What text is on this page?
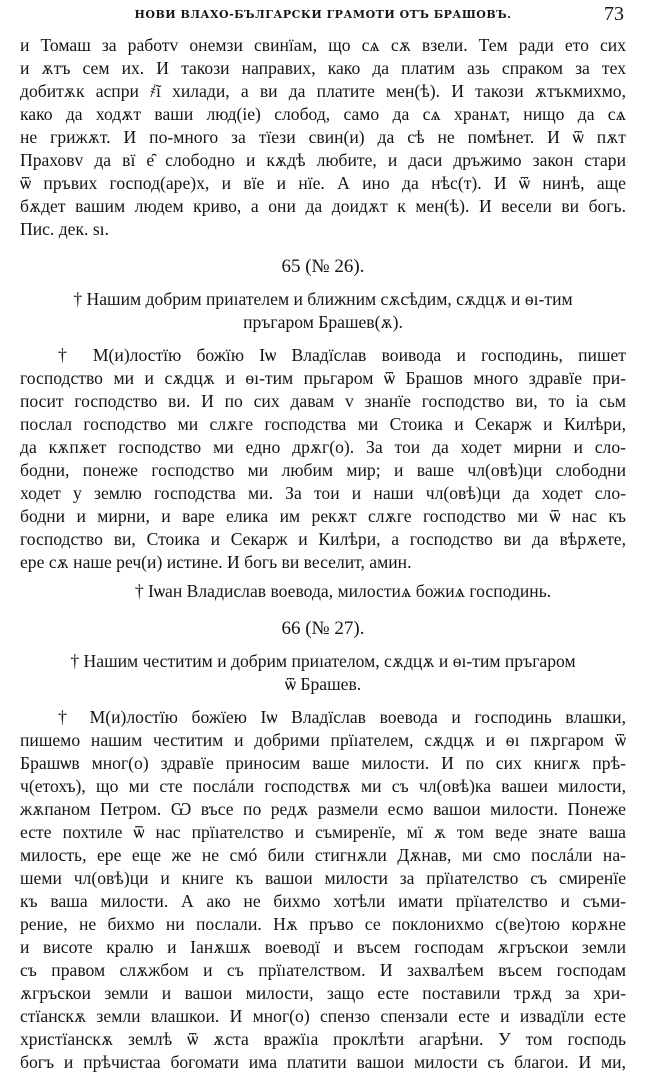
НОВИ ВЛАХО-БЪЛГАРСКИ ГРАМОТИ ОТЪ БРАШОВЪ.	73
и Томаш за работv онемзи свинїам, що сѧ сѫ взели. Тем ради ето сих
и ѫтъ сем их. И такози направих, како да платим азь спраком за тех
добитѫк аспри ҂ĩ хилади, а ви да платите мен(ѣ). И такози ѫтъкмихмо,
како да ходѫт ваши люд(ie) слобод, само да сѧ хранѧт, нищо да сѧ
не грижѫт. И по-много за тїези свин(и) да сѣ не помѣнет. И ѿ пѫт
Праховv да вї е̑ слободно и кѫдѣ любите, и даси дръжимо закон стари
ѿ пръвих господ(аре)х, и вїе и нїе. А ино да нѣс(т). И ѿ нинѣ, аще
бѫдет вашим людем криво, а они да доидѫт к мен(ѣ). И весели ви богь.
Пис. дек. ѕı.
65 (№ 26).
† Нашим добрим приıателем и ближним сѫсѣдим, сѫдцѫ и ѳı-тим
пръгаром Брашев(ѫ).
† М(и)лостїю божїю Іѡ Владїслав воивода и господинь, пишет
господство ми и сѫдцѫ и ѳı-тим прьгаром ѿ Брашов много здравїе при-
посит господство ви. И по сих давам v знанїе господство ви, то іа сьм
послал господство ми слѫге господства ми Стоика и Секарж и Килѣри,
да кѫпѫет господство ми едно дрѫг(о). За тои да ходет мирни и сло-
бодни, понеже господство ми любим мир; и ваше чл(овѣ)ци слободни
ходет у землю господства ми. За тои и наши чл(овѣ)ци да ходет сло-
бодни и мирни, и варе елика им рекѫт слѫге господство ми ѿ нас къ
господство ви, Стоика и Секарж и Килѣри, а господство ви да вѣрѫете,
ере сѫ наше реч(и) истине. И богь ви веселит, амин.
† Іѡан Владислав воевода, милостиѧ божиѧ господинь.
66 (№ 27).
† Нашим честитим и добрим приıателом, сѫдцѫ и ѳı-тим пръгаром
ѿ Брашев.
† М(и)лостїю божїею Іѡ Владїслав воевода и господинь влашки,
пишемо нашим честитим и добрими прїıателем, сѫдцѫ и ѳı пѫргаром ѿ
Брашѡв мног(о) здравїе приносим ваше милости. И по сих книгѫ прѣ-
ч(етохъ), що ми сте послáли господствѫ ми съ чл(овѣ)ка вашеи милости,
жѫпаном Петром. Ѡ въсе по редѫ размели есмо вашои милости. Понеже
есте похтиле ѿ нас прїıателство и съмиренїе, мї ѫ том веде знате ваша
милость, ере еще же не смó били стигнѫли Дѫнав, ми смо послáли на-
шеми чл(овѣ)ци и книге къ вашои милости за прїıателство съ смиренїе
къ ваша милости. А ако не бихмо хотѣли имати прїıателство и съми-
рение, не бихмо ни послали. Нѫ пръво се поклонихмо с(ве)тою корѫне
и висоте кралю и Іанѫшѫ воеводї и въсем господам ѫгръскои земли
съ правом слѫжбом и съ прїıателством. И захвалѣем въсем господам
ѫгръскои земли и вашои милости, защо есте поставили трѫд за хри-
стїанскѫ земли влашкои. И мног(о) спензо спензали есте и извадїли есте
христїанскѫ землѣ ѿ ѫста вражїıа проклѣти агарѣни. У том господь
богъ и прѣчистаа богомати има платити вашои милости съ благои. И ми,
